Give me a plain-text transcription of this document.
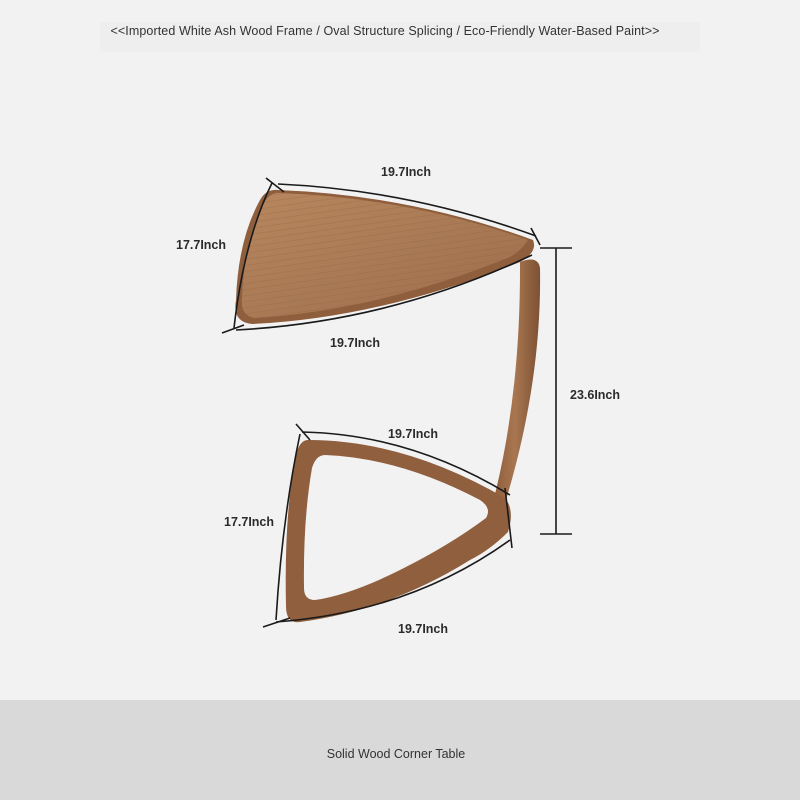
<<Imported White Ash Wood Frame / Oval Structure Splicing / Eco-Friendly Water-Based Paint>>
19.7Inch
17.7Inch
19.7Inch
23.6Inch
19.7Inch
17.7Inch
19.7Inch
Solid Wood Corner Table
